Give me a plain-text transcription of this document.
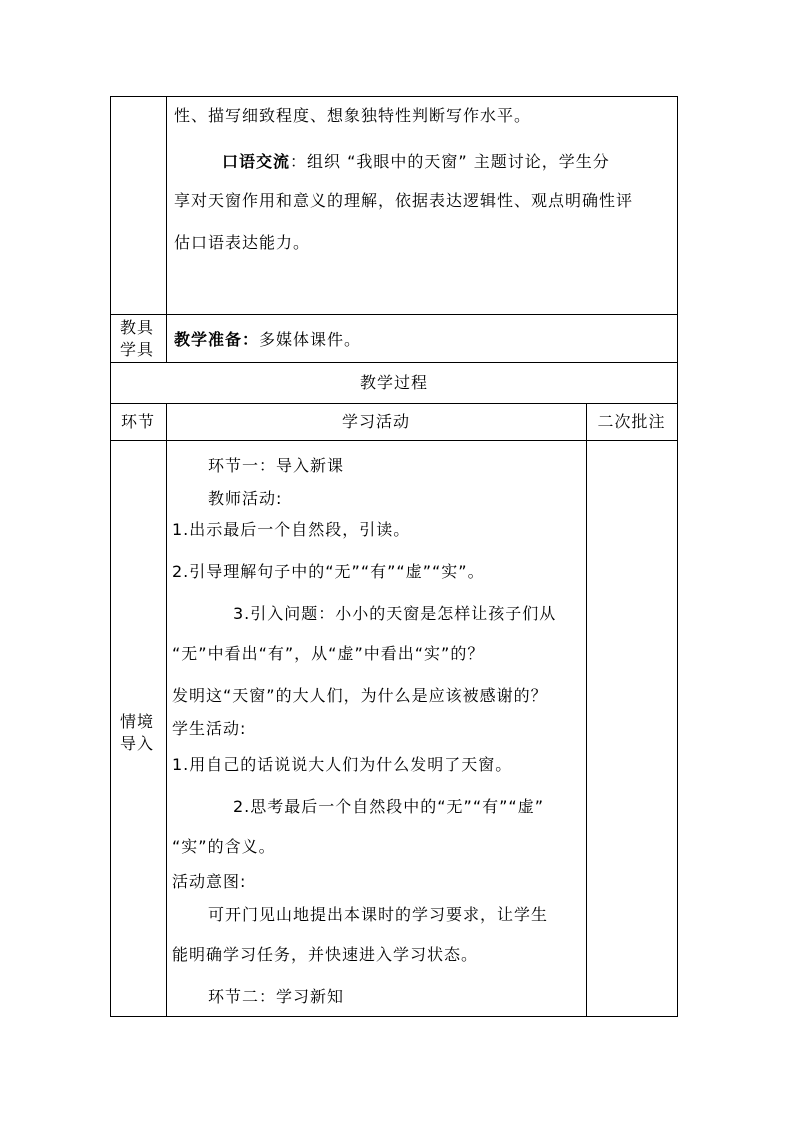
性、描写细致程度、想象独特性判断写作水平。
口语交流：组织 “我眼中的天窗” 主题讨论，学生分
享对天窗作用和意义的理解，依据表达逻辑性、观点明确性评
估口语表达能力。
教具
学具
教学准备：多媒体课件。
教学过程
环节	学习活动	二次批注
情境
导入
环节一：导入新课
教师活动:
1.出示最后一个自然段，引读。
2.引导理解句子中的“无”“有”“虚”“实”。
3.引入问题：小小的天窗是怎样让孩子们从
“无”中看出“有”，从“虚”中看出“实”的？
发明这“天窗”的大人们，为什么是应该被感谢的？
学生活动:
1.用自己的话说说大人们为什么发明了天窗。
2.思考最后一个自然段中的“无”“有”“虚”
“实”的含义。
活动意图:
可开门见山地提出本课时的学习要求，让学生
能明确学习任务，并快速进入学习状态。
环节二：学习新知
